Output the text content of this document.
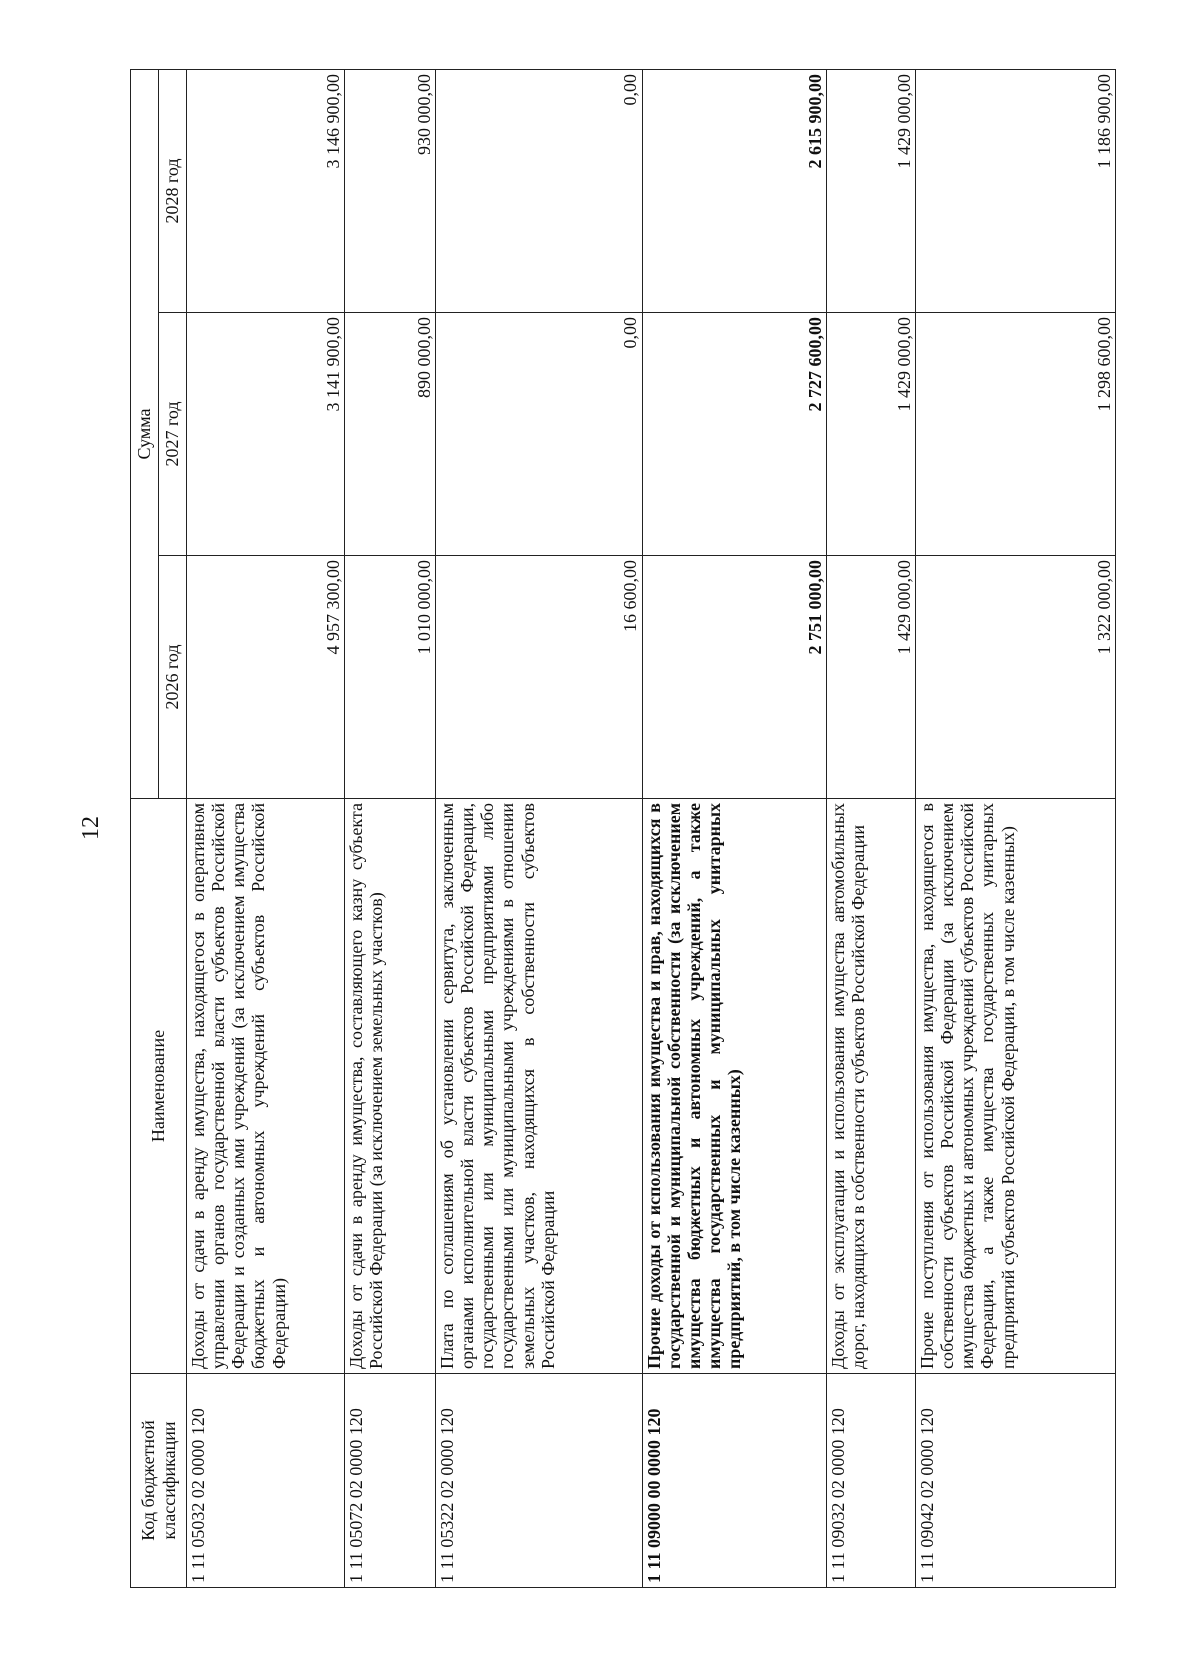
12
Код бюджетной классификации	Наименование	Сумма		
		2026 год	2027 год	2028 год
1 11 05032 02 0000 120	Доходы от сдачи в аренду имущества, находящегося в оперативном управлении органов государственной власти субъектов Российской Федерации и созданных ими учреждений (за исключением имущества бюджетных и автономных учреждений субъектов Российской Федерации)	4 957 300,00	3 141 900,00	3 146 900,00
1 11 05072 02 0000 120	Доходы от сдачи в аренду имущества, составляющего казну субъекта Российской Федерации (за исключением земельных участков)	1 010 000,00	890 000,00	930 000,00
1 11 05322 02 0000 120	Плата по соглашениям об установлении сервитута, заключенным органами исполнительной власти субъектов Российской Федерации, государственными или муниципальными предприятиями либо государственными или муниципальными учреждениями в отношении земельных участков, находящихся в собственности субъектов Российской Федерации	16 600,00	0,00	0,00
1 11 09000 00 0000 120	Прочие доходы от использования имущества и прав, находящихся в государственной и муниципальной собственности (за исключением имущества бюджетных и автономных учреждений, а также имущества государственных и муниципальных унитарных предприятий, в том числе казенных)	2 751 000,00	2 727 600,00	2 615 900,00
1 11 09032 02 0000 120	Доходы от эксплуатации и использования имущества автомобильных дорог, находящихся в собственности субъектов Российской Федерации	1 429 000,00	1 429 000,00	1 429 000,00
1 11 09042 02 0000 120	Прочие поступления от использования имущества, находящегося в собственности субъектов Российской Федерации (за исключением имущества бюджетных и автономных учреждений субъектов Российской Федерации, а также имущества государственных унитарных предприятий субъектов Российской Федерации, в том числе казенных)	1 322 000,00	1 298 600,00	1 186 900,00
